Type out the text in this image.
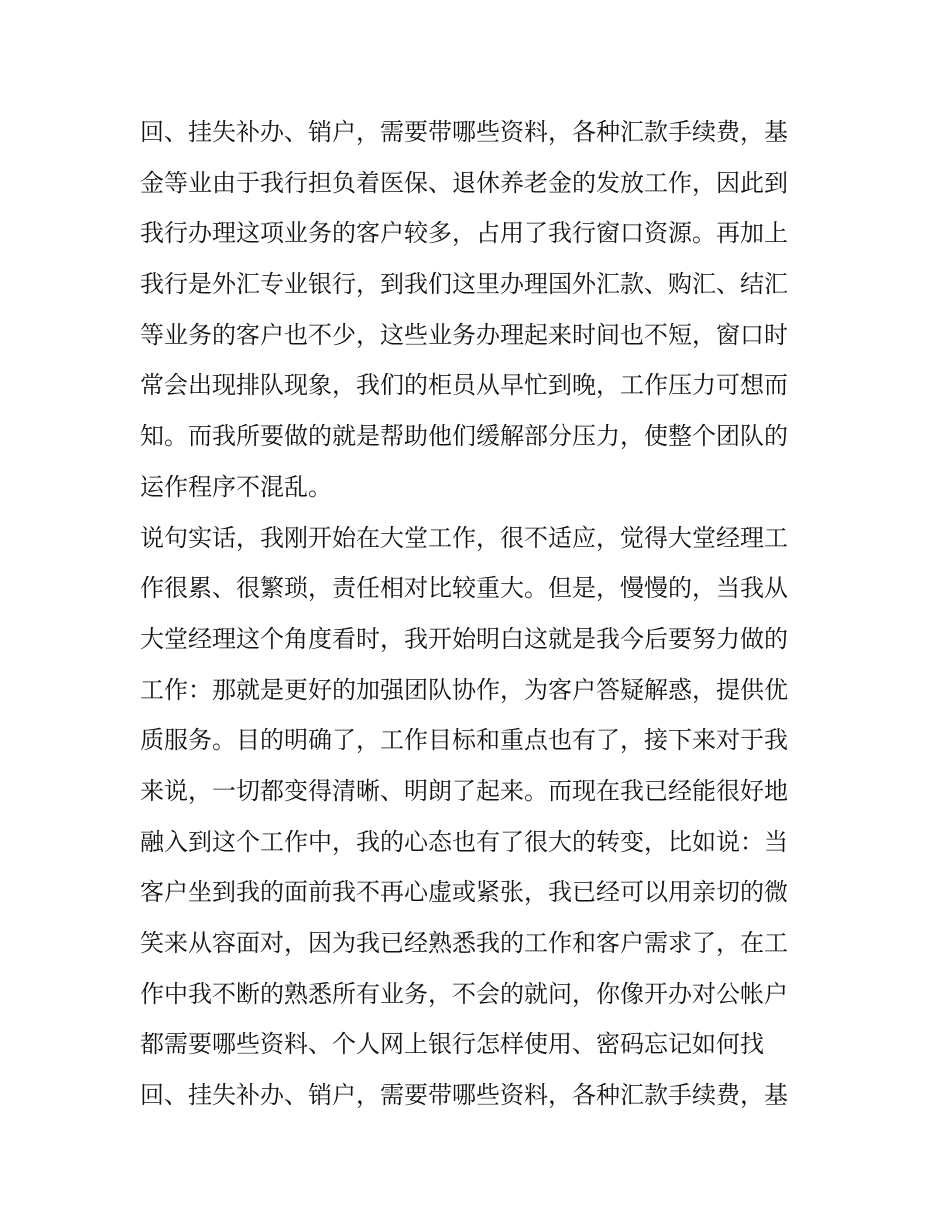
回、挂失补办、销户，需要带哪些资料，各种汇款手续费，基
金等业由于我行担负着医保、退休养老金的发放工作，因此到
我行办理这项业务的客户较多，占用了我行窗口资源。再加上
我行是外汇专业银行，到我们这里办理国外汇款、购汇、结汇
等业务的客户也不少，这些业务办理起来时间也不短，窗口时
常会出现排队现象，我们的柜员从早忙到晚，工作压力可想而
知。而我所要做的就是帮助他们缓解部分压力，使整个团队的
运作程序不混乱。
说句实话，我刚开始在大堂工作，很不适应，觉得大堂经理工
作很累、很繁琐，责任相对比较重大。但是，慢慢的，当我从
大堂经理这个角度看时，我开始明白这就是我今后要努力做的
工作：那就是更好的加强团队协作，为客户答疑解惑，提供优
质服务。目的明确了，工作目标和重点也有了，接下来对于我
来说，一切都变得清晰、明朗了起来。而现在我已经能很好地
融入到这个工作中，我的心态也有了很大的转变，比如说：当
客户坐到我的面前我不再心虚或紧张，我已经可以用亲切的微
笑来从容面对，因为我已经熟悉我的工作和客户需求了，在工
作中我不断的熟悉所有业务，不会的就问，你像开办对公帐户
都需要哪些资料、个人网上银行怎样使用、密码忘记如何找
回、挂失补办、销户，需要带哪些资料，各种汇款手续费，基
